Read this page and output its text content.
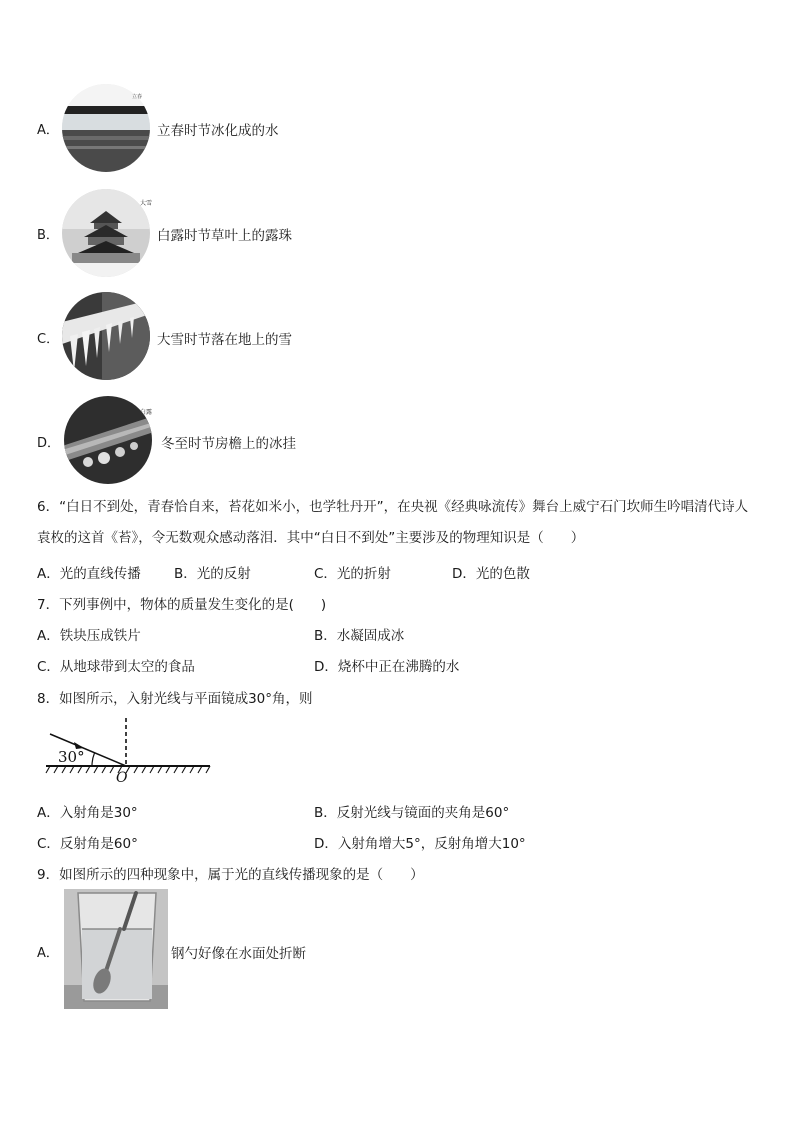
A．
立春
立春时节冰化成的水
B．
大雪
白露时节草叶上的露珠
C．	大雪时节落在地上的雪
D．
白露
冬至时节房檐上的冰挂
6．“白日不到处，青春恰自来，苔花如米小，也学牡丹开”，在央视《经典咏流传》舞台上威宁石门坎师生吟唱清代诗人袁枚的这首《苔》，令无数观众感动落泪．其中“白日不到处”主要涉及的物理知识是（　　）
A．光的直线传播 B．光的反射	C．光的折射	D．光的色散
7．下列事例中，物体的质量发生变化的是(　　)
A．铁块压成铁片	B．水凝固成冰
C．从地球带到太空的食品	D．烧杯中正在沸腾的水
8．如图所示，入射光线与平面镜成30°角，则
30°
O
A．入射角是30°	B．反射光线与镜面的夹角是60°
C．反射角是60°	D．入射角增大5°，反射角增大10°
9．如图所示的四种现象中，属于光的直线传播现象的是（　　）
A．	钢勺好像在水面处折断
